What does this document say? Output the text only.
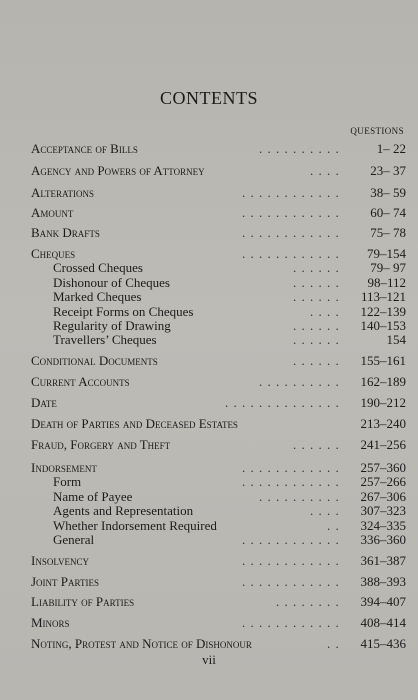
CONTENTS
QUESTIONS
Acceptance of Bills	. . . . . . . . . .	1– 22
Agency and Powers of Attorney	. . . . 23– 37
Alterations	. . . . . . . . . . . . 38– 59
Amount	. . . . . . . . . . . . 60– 74
Bank Drafts	. . . . . . . . . . . . 75– 78
Cheques	. . . . . . . . . . . . 79–154
Crossed Cheques	. . . . . . 79– 97
Dishonour of Cheques	. . . . . . 98–112
Marked Cheques	. . . . . . 113–121
Receipt Forms on Cheques	. . . . 122–139
Regularity of Drawing	. . . . . . 140–153
Travellers’ Cheques	. . . . . .	154
Conditional Documents	. . . . . . 155–161
Current Accounts	. . . . . . . . . . 162–189
Date	. . . . . . . . . . . . . . 190–212
Death of Parties and Deceased Estates	213–240
Fraud, Forgery and Theft	. . . . . . 241–256
Indorsement	. . . . . . . . . . . . 257–360
Form	. . . . . . . . . . . . 257–266
Name of Payee	. . . . . . . . . . 267–306
Agents and Representation	. . . . 307–323
Whether Indorsement Required	. . 324–335
General	. . . . . . . . . . . . 336–360
Insolvency	. . . . . . . . . . . . 361–387
Joint Parties	. . . . . . . . . . . . 388–393
Liability of Parties	. . . . . . . . 394–407
Minors	. . . . . . . . . . . . 408–414
Noting, Protest and Notice of Dishonour	. . 415–436
vii
